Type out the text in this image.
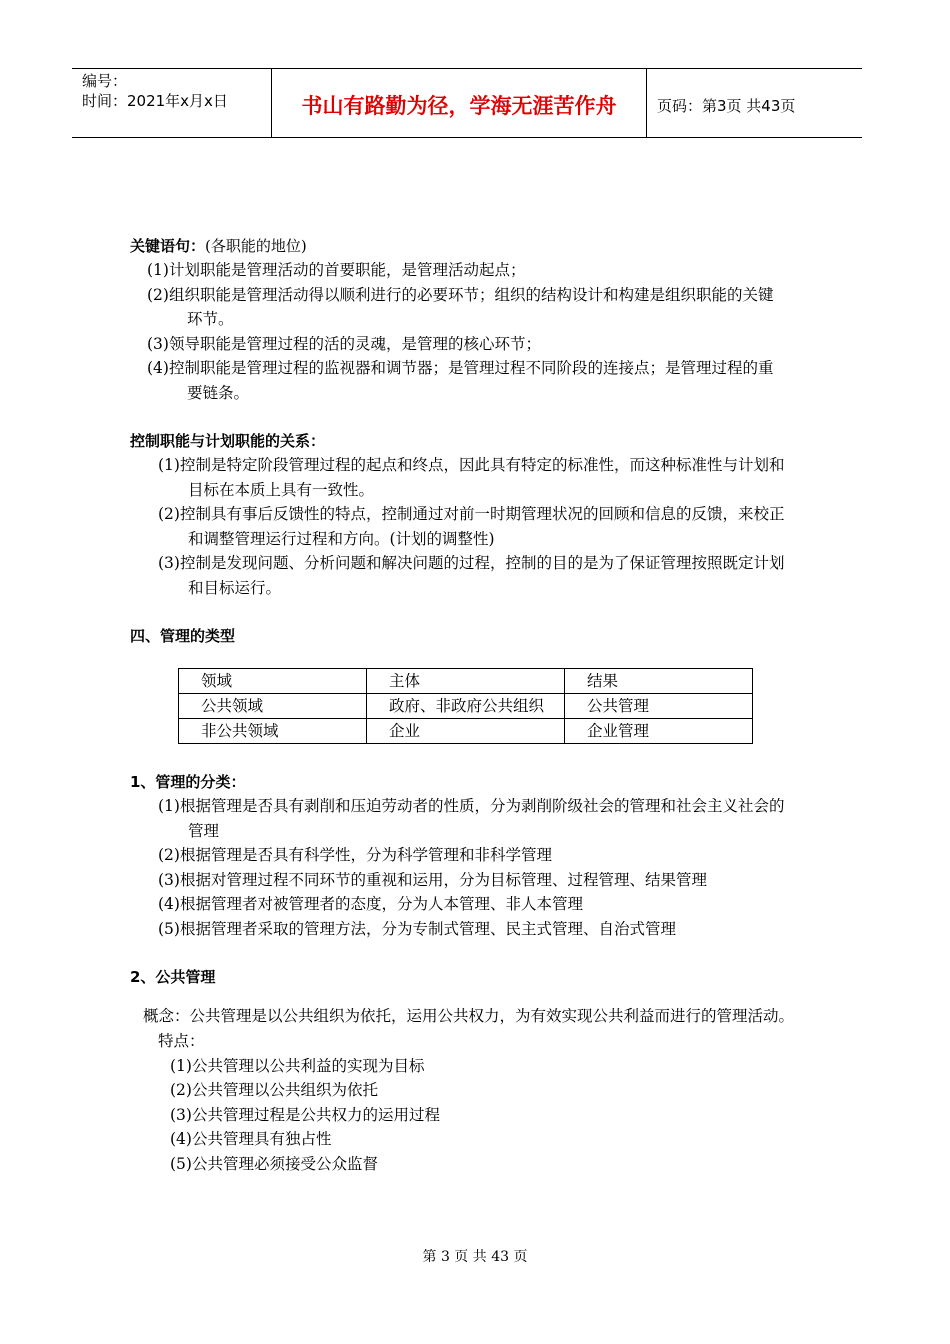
编号：
时间：2021年x月x日	书山有路勤为径，学海无涯苦作舟	页码：第3页 共43页
关键语句：(各职能的地位)
(1)计划职能是管理活动的首要职能，是管理活动起点；
(2)组织职能是管理活动得以顺利进行的必要环节；组织的结构设计和构建是组织职能的关键
环节。
(3)领导职能是管理过程的活的灵魂，是管理的核心环节；
(4)控制职能是管理过程的监视器和调节器；是管理过程不同阶段的连接点；是管理过程的重
要链条。
控制职能与计划职能的关系：
(1)控制是特定阶段管理过程的起点和终点，因此具有特定的标准性，而这种标准性与计划和
目标在本质上具有一致性。
(2)控制具有事后反馈性的特点，控制通过对前一时期管理状况的回顾和信息的反馈，来校正
和调整管理运行过程和方向。(计划的调整性)
(3)控制是发现问题、分析问题和解决问题的过程，控制的目的是为了保证管理按照既定计划
和目标运行。
四、管理的类型
领域	主体	结果
公共领域	政府、非政府公共组织	公共管理
非公共领域	企业	企业管理
1、管理的分类：
(1)根据管理是否具有剥削和压迫劳动者的性质，分为剥削阶级社会的管理和社会主义社会的
管理
(2)根据管理是否具有科学性，分为科学管理和非科学管理
(3)根据对管理过程不同环节的重视和运用，分为目标管理、过程管理、结果管理
(4)根据管理者对被管理者的态度，分为人本管理、非人本管理
(5)根据管理者采取的管理方法，分为专制式管理、民主式管理、自治式管理
2、公共管理
概念：公共管理是以公共组织为依托，运用公共权力，为有效实现公共利益而进行的管理活动。
特点：
(1)公共管理以公共利益的实现为目标
(2)公共管理以公共组织为依托
(3)公共管理过程是公共权力的运用过程
(4)公共管理具有独占性
(5)公共管理必须接受公众监督
第 3 页 共 43 页
